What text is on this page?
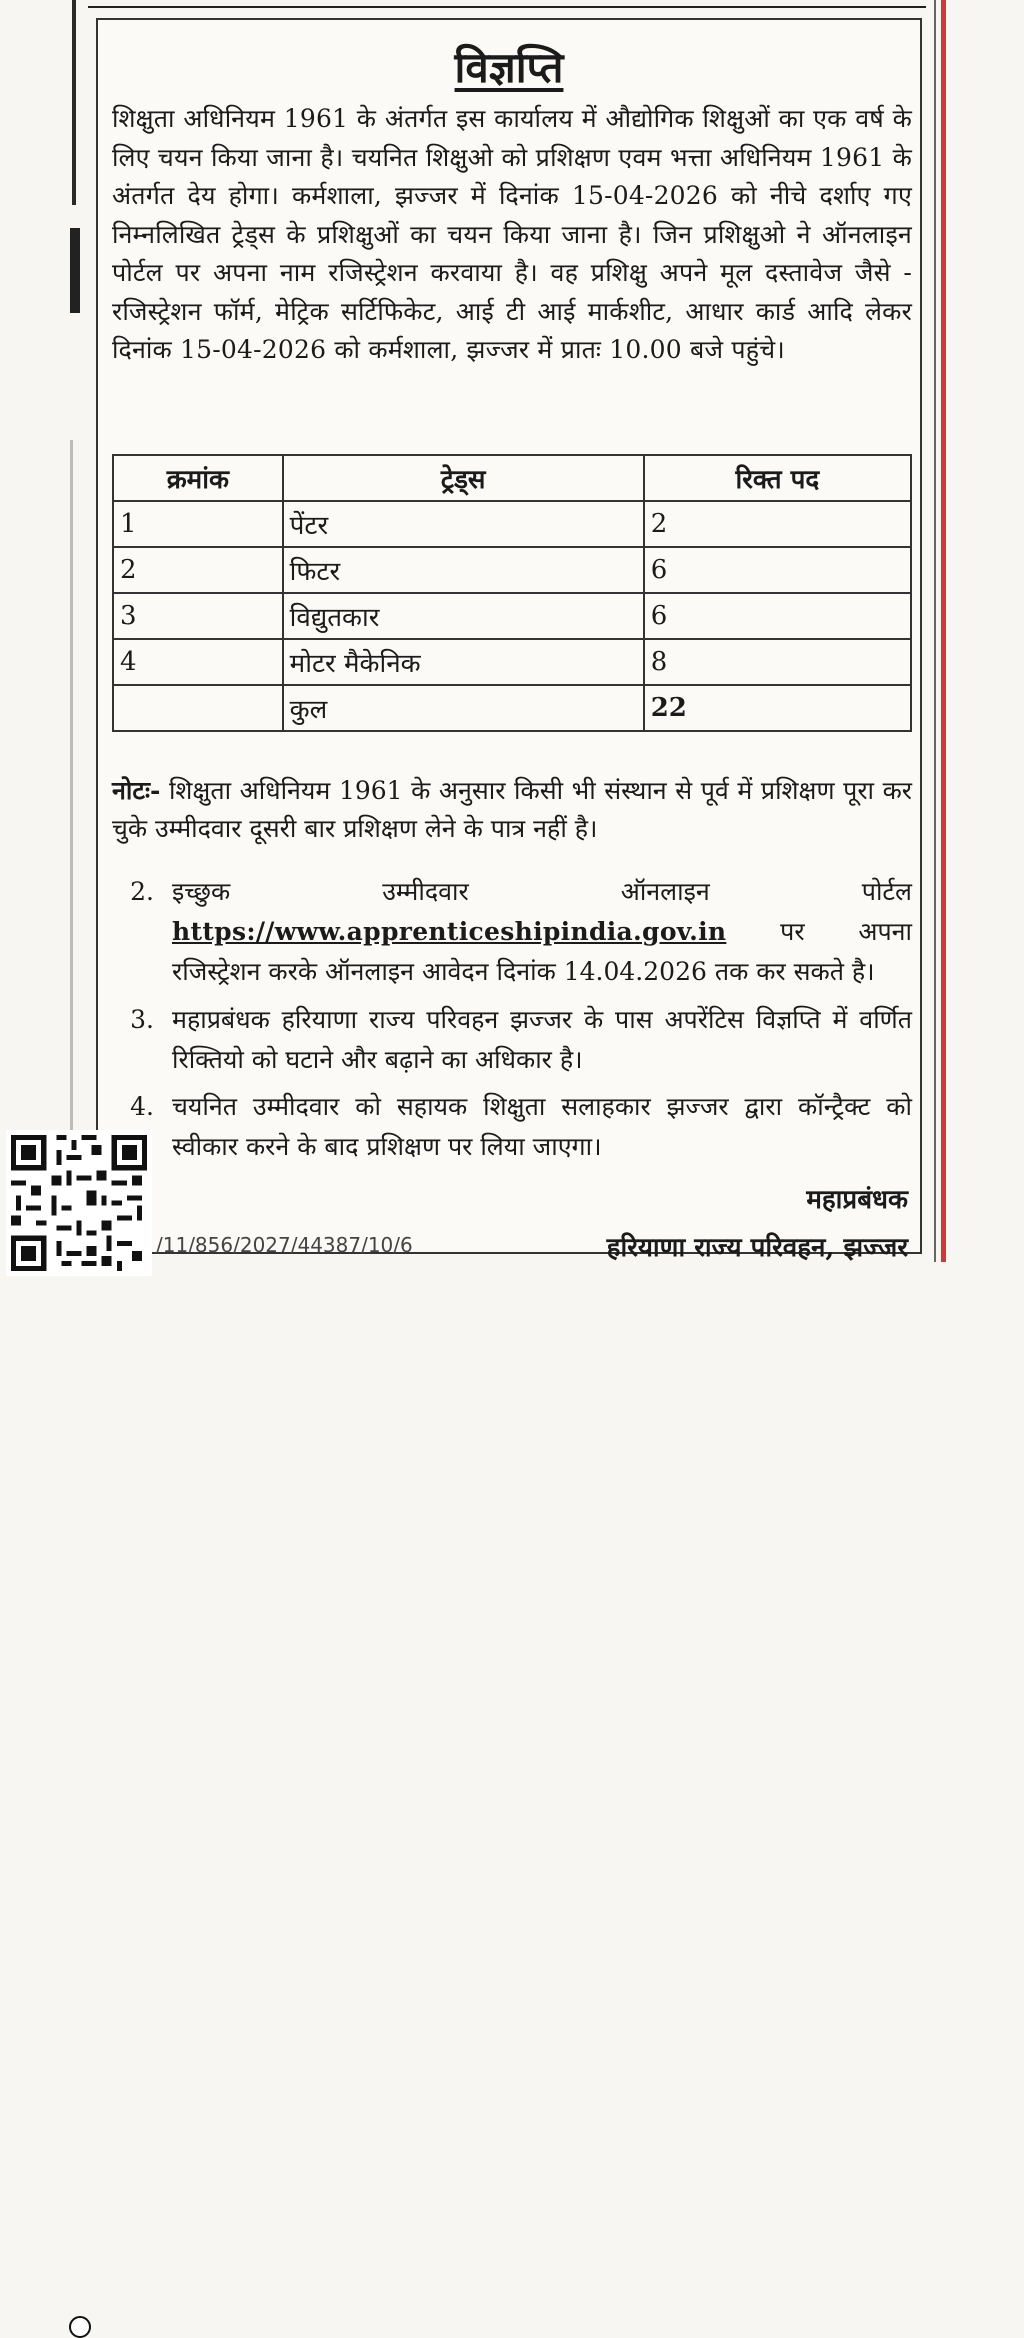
विज्ञप्ति
शिक्षुता अधिनियम 1961 के अंतर्गत इस कार्यालय में औद्योगिक शिक्षुओं का एक वर्ष के लिए चयन किया जाना है। चयनित शिक्षुओ को प्रशिक्षण एवम भत्ता अधिनियम 1961 के अंतर्गत देय होगा। कर्मशाला, झज्जर में दिनांक 15-04-2026 को नीचे दर्शाए गए निम्नलिखित ट्रेड्स के प्रशिक्षुओं का चयन किया जाना है। जिन प्रशिक्षुओ ने ऑनलाइन पोर्टल पर अपना नाम रजिस्ट्रेशन करवाया है। वह प्रशिक्षु अपने मूल दस्तावेज जैसे - रजिस्ट्रेशन फॉर्म, मेट्रिक सर्टिफिकेट, आई टी आई मार्कशीट, आधार कार्ड आदि लेकर दिनांक 15-04-2026 को कर्मशाला, झज्जर में प्रातः 10.00 बजे पहुंचे।
क्रमांक	ट्रेड्स	रिक्त पद
1	पेंटर	2
2	फिटर	6
3	विद्युतकार	6
4	मोटर मैकेनिक	8
	कुल	22
नोटः- शिक्षुता अधिनियम 1961 के अनुसार किसी भी संस्थान से पूर्व में प्रशिक्षण पूरा कर चुके उम्मीदवार दूसरी बार प्रशिक्षण लेने के पात्र नहीं है।
2. इच्छुक उम्मीदवार ऑनलाइन पोर्टल https://www.apprenticeshipindia.gov.in पर अपना रजिस्ट्रेशन करके ऑनलाइन आवेदन दिनांक 14.04.2026 तक कर सकते है।
3. महाप्रबंधक हरियाणा राज्य परिवहन झज्जर के पास अपरेंटिस विज्ञप्ति में वर्णित रिक्तियो को घटाने और बढ़ाने का अधिकार है।
4. चयनित उम्मीदवार को सहायक शिक्षुता सलाहकार झज्जर द्वारा कॉन्ट्रैक्ट को स्वीकार करने के बाद प्रशिक्षण पर लिया जाएगा।
महाप्रबंधक
हरियाणा राज्य परिवहन, झज्जर
/11/856/2027/44387/10/6
